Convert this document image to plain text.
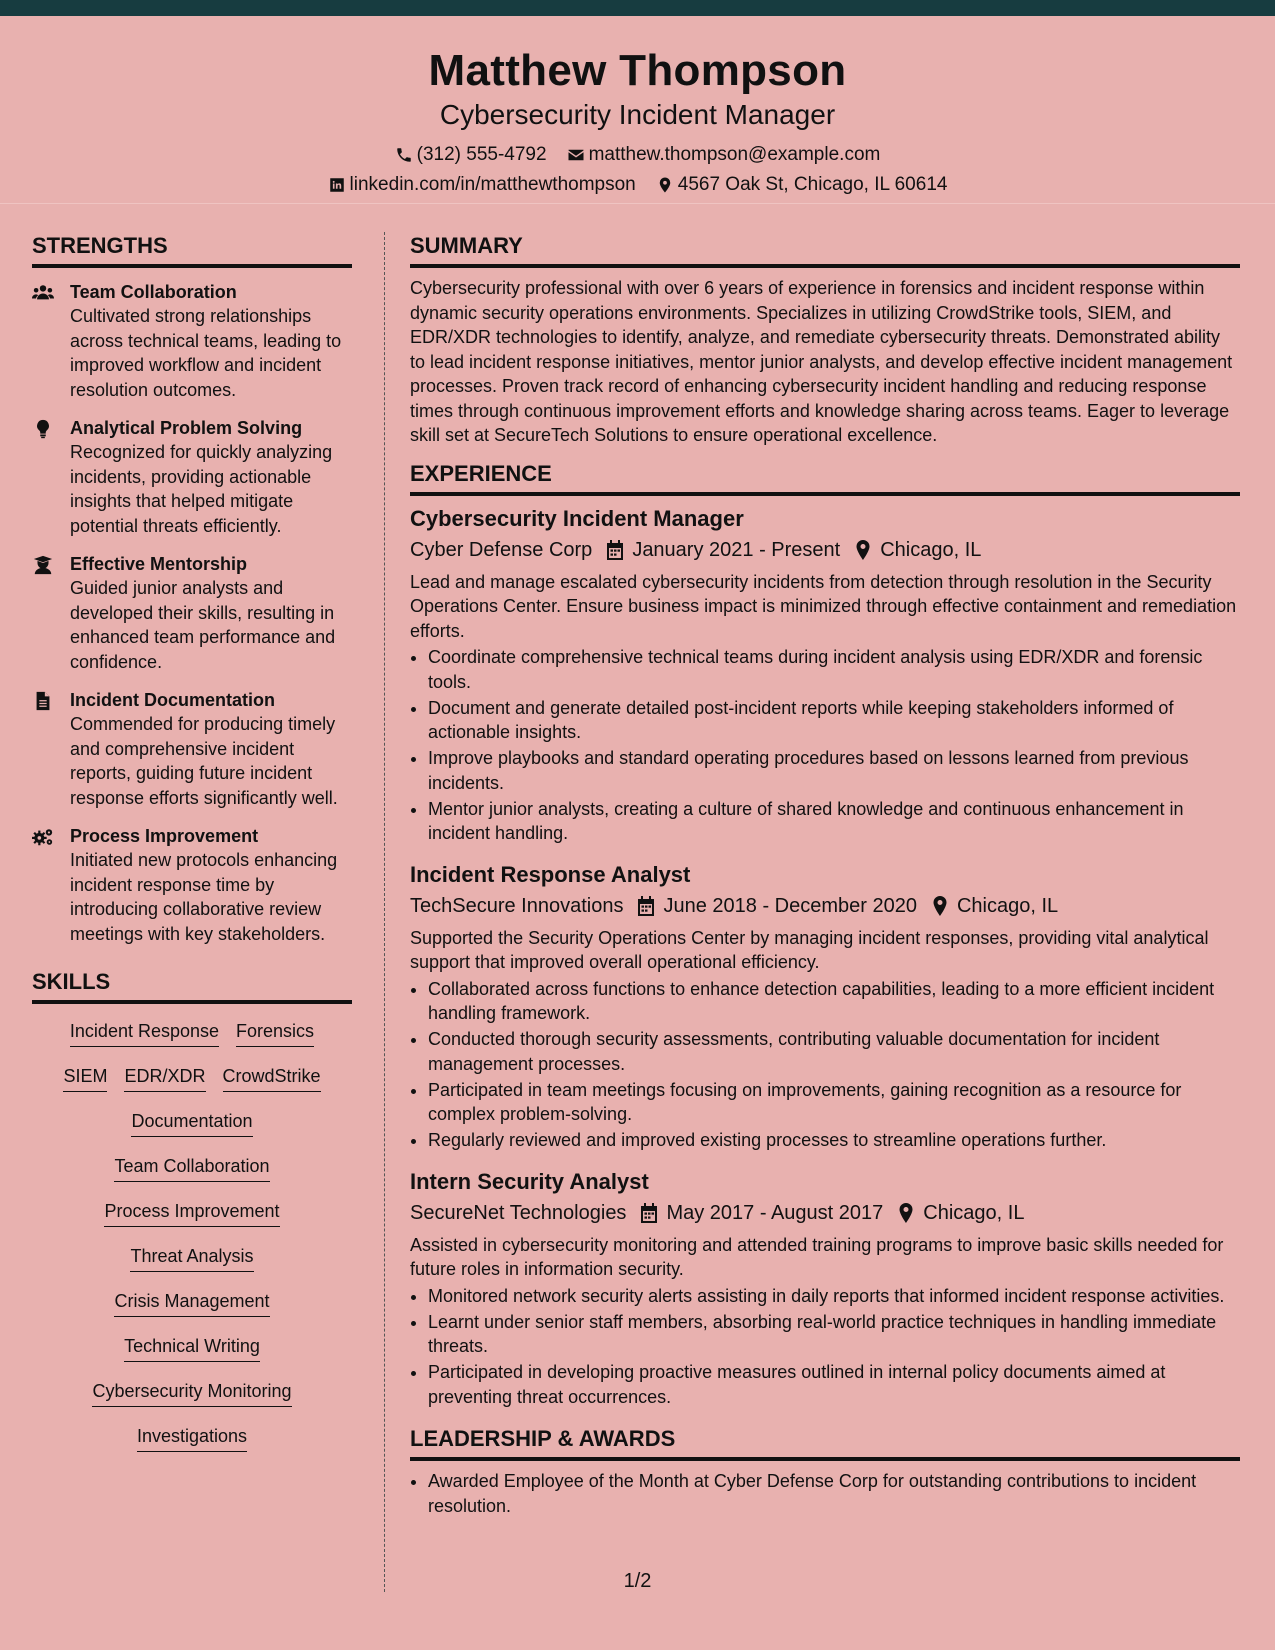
Matthew Thompson
Cybersecurity Incident Manager
(312) 555-4792 matthew.thompson@example.com
linkedin.com/in/matthewthompson 4567 Oak St, Chicago, IL 60614
STRENGTHS
Team Collaboration
Cultivated strong relationships across technical teams, leading to improved workflow and incident resolution outcomes.
Analytical Problem Solving
Recognized for quickly analyzing incidents, providing actionable insights that helped mitigate potential threats efficiently.
Effective Mentorship
Guided junior analysts and developed their skills, resulting in enhanced team performance and confidence.
Incident Documentation
Commended for producing timely and comprehensive incident reports, guiding future incident response efforts significantly well.
Process Improvement
Initiated new protocols enhancing incident response time by introducing collaborative review meetings with key stakeholders.
SKILLS
Incident Response Forensics
SIEM EDR/XDR CrowdStrike
Documentation
Team Collaboration
Process Improvement
Threat Analysis
Crisis Management
Technical Writing
Cybersecurity Monitoring
Investigations
SUMMARY
Cybersecurity professional with over 6 years of experience in forensics and incident response within dynamic security operations environments. Specializes in utilizing CrowdStrike tools, SIEM, and EDR/XDR technologies to identify, analyze, and remediate cybersecurity threats. Demonstrated ability to lead incident response initiatives, mentor junior analysts, and develop effective incident management processes. Proven track record of enhancing cybersecurity incident handling and reducing response times through continuous improvement efforts and knowledge sharing across teams. Eager to leverage skill set at SecureTech Solutions to ensure operational excellence.
EXPERIENCE
Cybersecurity Incident Manager
Cyber Defense Corp January 2021 - Present Chicago, IL
Lead and manage escalated cybersecurity incidents from detection through resolution in the Security Operations Center. Ensure business impact is minimized through effective containment and remediation efforts.
• Coordinate comprehensive technical teams during incident analysis using EDR/XDR and forensic tools.
• Document and generate detailed post-incident reports while keeping stakeholders informed of actionable insights.
• Improve playbooks and standard operating procedures based on lessons learned from previous incidents.
• Mentor junior analysts, creating a culture of shared knowledge and continuous enhancement in incident handling.
Incident Response Analyst
TechSecure Innovations June 2018 - December 2020 Chicago, IL
Supported the Security Operations Center by managing incident responses, providing vital analytical support that improved overall operational efficiency.
• Collaborated across functions to enhance detection capabilities, leading to a more efficient incident handling framework.
• Conducted thorough security assessments, contributing valuable documentation for incident management processes.
• Participated in team meetings focusing on improvements, gaining recognition as a resource for complex problem-solving.
• Regularly reviewed and improved existing processes to streamline operations further.
Intern Security Analyst
SecureNet Technologies May 2017 - August 2017 Chicago, IL
Assisted in cybersecurity monitoring and attended training programs to improve basic skills needed for future roles in information security.
• Monitored network security alerts assisting in daily reports that informed incident response activities.
• Learnt under senior staff members, absorbing real-world practice techniques in handling immediate threats.
• Participated in developing proactive measures outlined in internal policy documents aimed at preventing threat occurrences.
LEADERSHIP & AWARDS
• Awarded Employee of the Month at Cyber Defense Corp for outstanding contributions to incident resolution.
1/2
